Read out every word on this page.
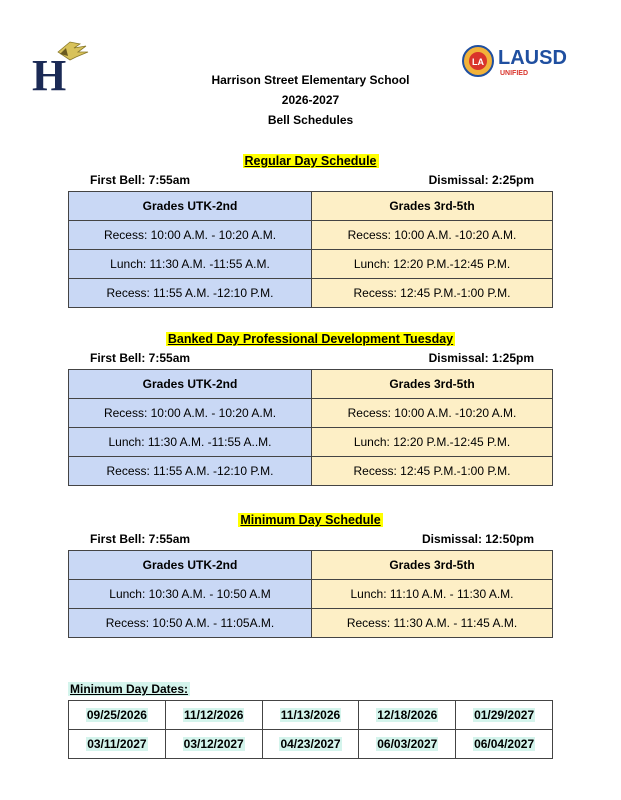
H	LA LAUSD
UNIFIED
Harrison Street Elementary School
2026-2027
Bell Schedules
Regular Day Schedule
First Bell: 7:55am	Dismissal: 2:25pm
Grades UTK-2nd	Grades 3rd-5th
Recess: 10:00 A.M. - 10:20 A.M.	Recess: 10:00 A.M. -10:20 A.M.
Lunch: 11:30 A.M. -11:55 A.M.	Lunch: 12:20 P.M.-12:45 P.M.
Recess: 11:55 A.M. -12:10 P.M.	Recess: 12:45 P.M.-1:00 P.M.
Banked Day Professional Development Tuesday
First Bell: 7:55am	Dismissal: 1:25pm
Grades UTK-2nd	Grades 3rd-5th
Recess: 10:00 A.M. - 10:20 A.M.	Recess: 10:00 A.M. -10:20 A.M.
Lunch: 11:30 A.M. -11:55 A..M.	Lunch: 12:20 P.M.-12:45 P.M.
Recess: 11:55 A.M. -12:10 P.M.	Recess: 12:45 P.M.-1:00 P.M.
Minimum Day Schedule
First Bell: 7:55am	Dismissal: 12:50pm
Grades UTK-2nd	Grades 3rd-5th
Lunch: 10:30 A.M. - 10:50 A.M	Lunch: 11:10 A.M. - 11:30 A.M.
Recess: 10:50 A.M. - 11:05A.M.	Recess: 11:30 A.M. - 11:45 A.M.
Minimum Day Dates:
09/25/2026	11/12/2026	11/13/2026	12/18/2026	01/29/2027
03/11/2027	03/12/2027	04/23/2027	06/03/2027	06/04/2027
